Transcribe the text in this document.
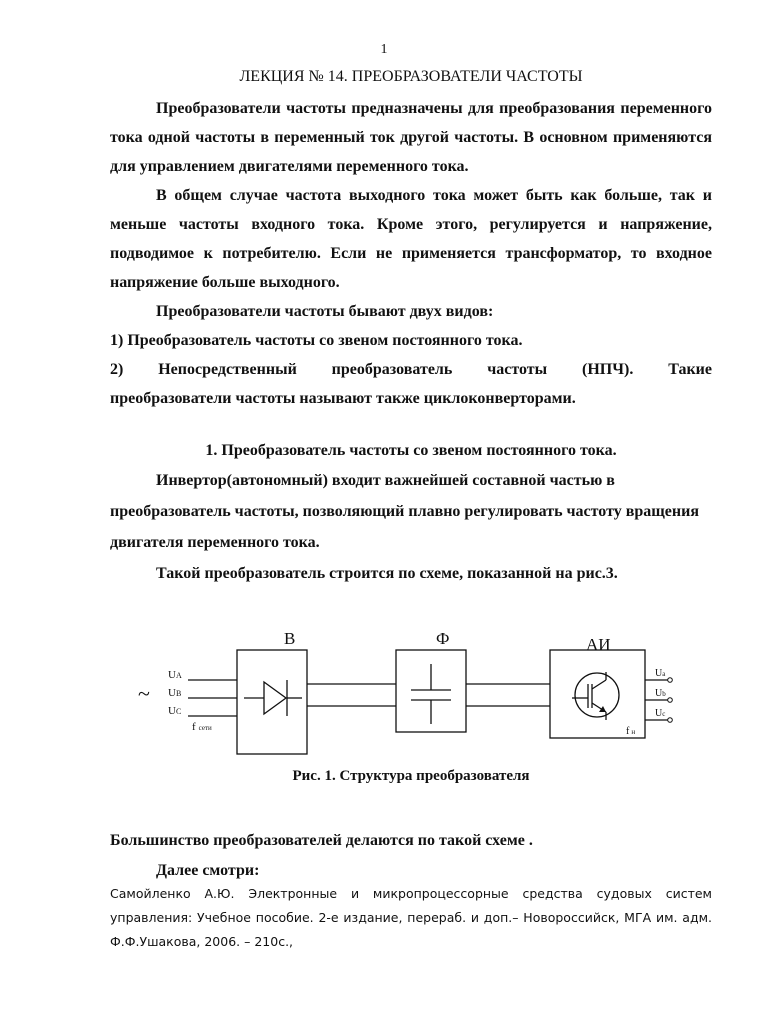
1
ЛЕКЦИЯ № 14. ПРЕОБРАЗОВАТЕЛИ ЧАСТОТЫ

Преобразователи частоты предназначены для преобразования переменного тока одной частоты в переменный ток другой частоты. В основном применяются для управлением двигателями переменного тока.

В общем случае частота выходного тока может быть как больше, так и меньше частоты входного тока. Кроме этого, регулируется и напряжение, подводимое к потребителю. Если не применяется трансформатор, то входное напряжение больше выходного.

Преобразователи частоты бывают двух видов:

1) Преобразователь частоты со звеном постоянного тока.

2) Непосредственный преобразователь частоты (НПЧ). Такие

преобразователи частоты называют также циклоконверторами.

1. Преобразователь частоты со звеном постоянного тока.

Инвертор(автономный) входит важнейшей составной частью в преобразователь частоты, позволяющий плавно регулировать частоту вращения двигателя переменного тока.

Такой преобразователь строится по схеме, показанной на рис.3.

В	Ф	АИ
~
UA
UB
UC
fсети
Ua
Ub
Uc
f н
Рис. 1. Структура преобразователя

Большинство преобразователей делаются по такой схеме .

Далее смотри:

Самойленко А.Ю. Электронные и микропроцессорные средства судовых систем управления: Учебное пособие. 2-е издание, перераб. и доп.– Новороссийск, МГА им. адм. Ф.Ф.Ушакова, 2006. – 210с.,
